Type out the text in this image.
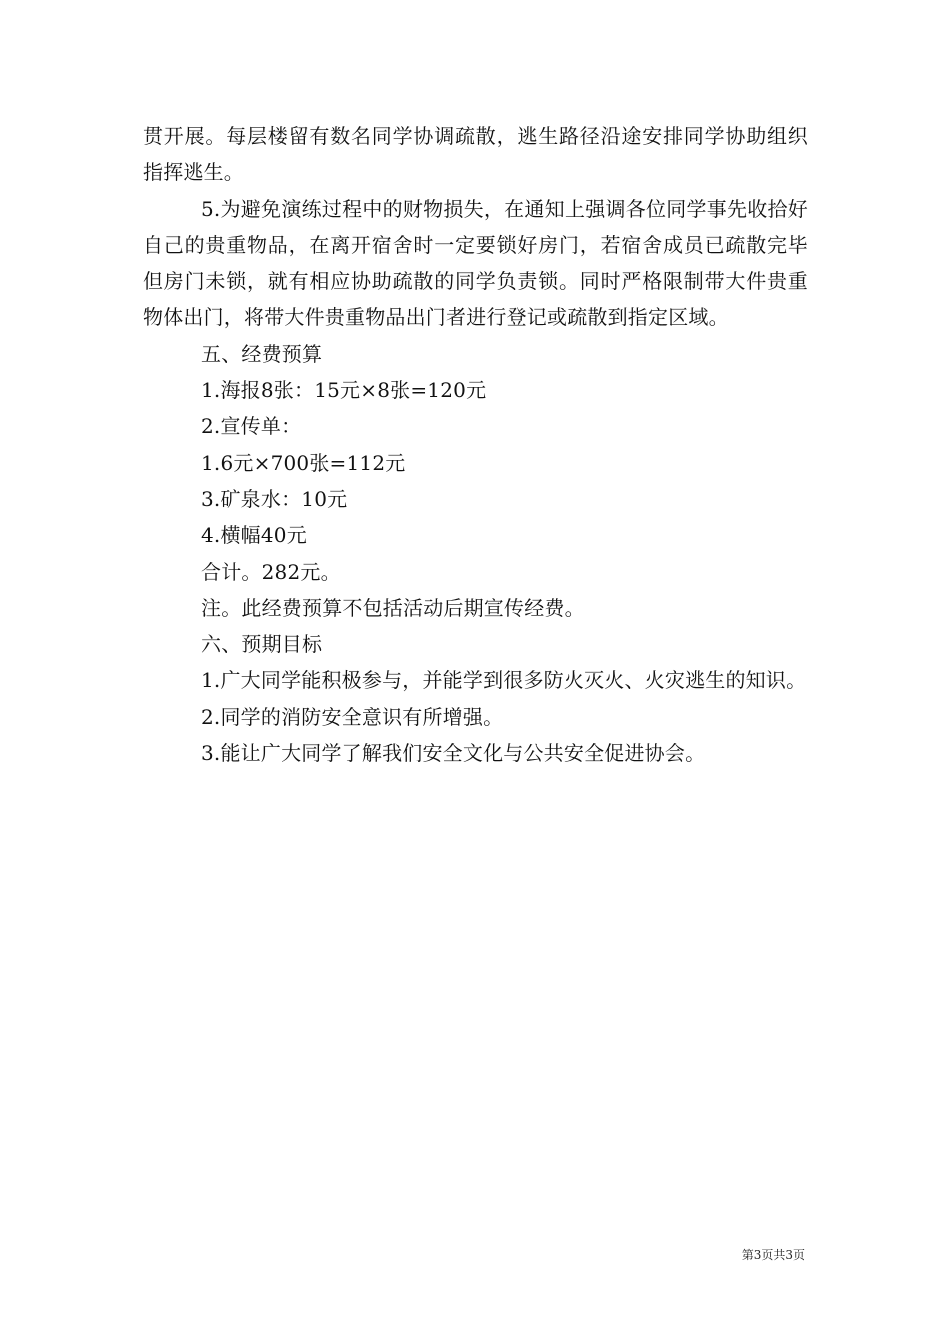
贯开展。每层楼留有数名同学协调疏散，逃生路径沿途安排同学协助组织指挥逃生。

5.为避免演练过程中的财物损失，在通知上强调各位同学事先收拾好自己的贵重物品，在离开宿舍时一定要锁好房门，若宿舍成员已疏散完毕但房门未锁，就有相应协助疏散的同学负责锁。同时严格限制带大件贵重物体出门，将带大件贵重物品出门者进行登记或疏散到指定区域。

五、经费预算

1.海报8张：15元×8张=120元

2.宣传单：

1.6元×700张=112元

3.矿泉水：10元

4.横幅40元

合计。282元。

注。此经费预算不包括活动后期宣传经费。

六、预期目标

1.广大同学能积极参与，并能学到很多防火灭火、火灾逃生的知识。

2.同学的消防安全意识有所增强。

3.能让广大同学了解我们安全文化与公共安全促进协会。

第3页共3页
